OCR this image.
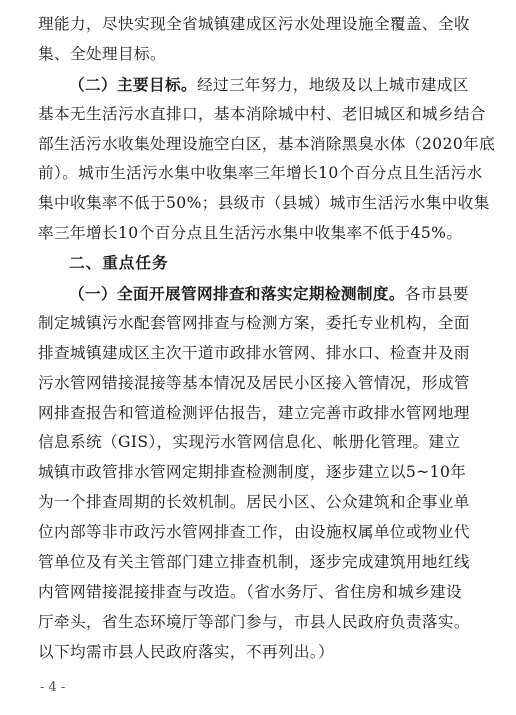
理能力，尽快实现全省城镇建成区污水处理设施全覆盖、全收
集、全处理目标。
（二）主要目标。经过三年努力，地级及以上城市建成区
基本无生活污水直排口，基本消除城中村、老旧城区和城乡结合
部生活污水收集处理设施空白区，基本消除黑臭水体（2020年底
前）。城市生活污水集中收集率三年增长10个百分点且生活污水
集中收集率不低于50%；县级市（县城）城市生活污水集中收集
率三年增长10个百分点且生活污水集中收集率不低于45%。
二、重点任务
（一）全面开展管网排查和落实定期检测制度。各市县要
制定城镇污水配套管网排查与检测方案，委托专业机构，全面
排查城镇建成区主次干道市政排水管网、排水口、检查井及雨
污水管网错接混接等基本情况及居民小区接入管情况，形成管
网排查报告和管道检测评估报告，建立完善市政排水管网地理
信息系统（GIS），实现污水管网信息化、帐册化管理。建立
城镇市政管排水管网定期排查检测制度，逐步建立以5~10年
为一个排查周期的长效机制。居民小区、公众建筑和企事业单
位内部等非市政污水管网排查工作，由设施权属单位或物业代
管单位及有关主管部门建立排查机制，逐步完成建筑用地红线
内管网错接混接排查与改造。（省水务厅、省住房和城乡建设
厅牵头，省生态环境厅等部门参与，市县人民政府负责落实。
以下均需市县人民政府落实，不再列出。）
- 4 -
